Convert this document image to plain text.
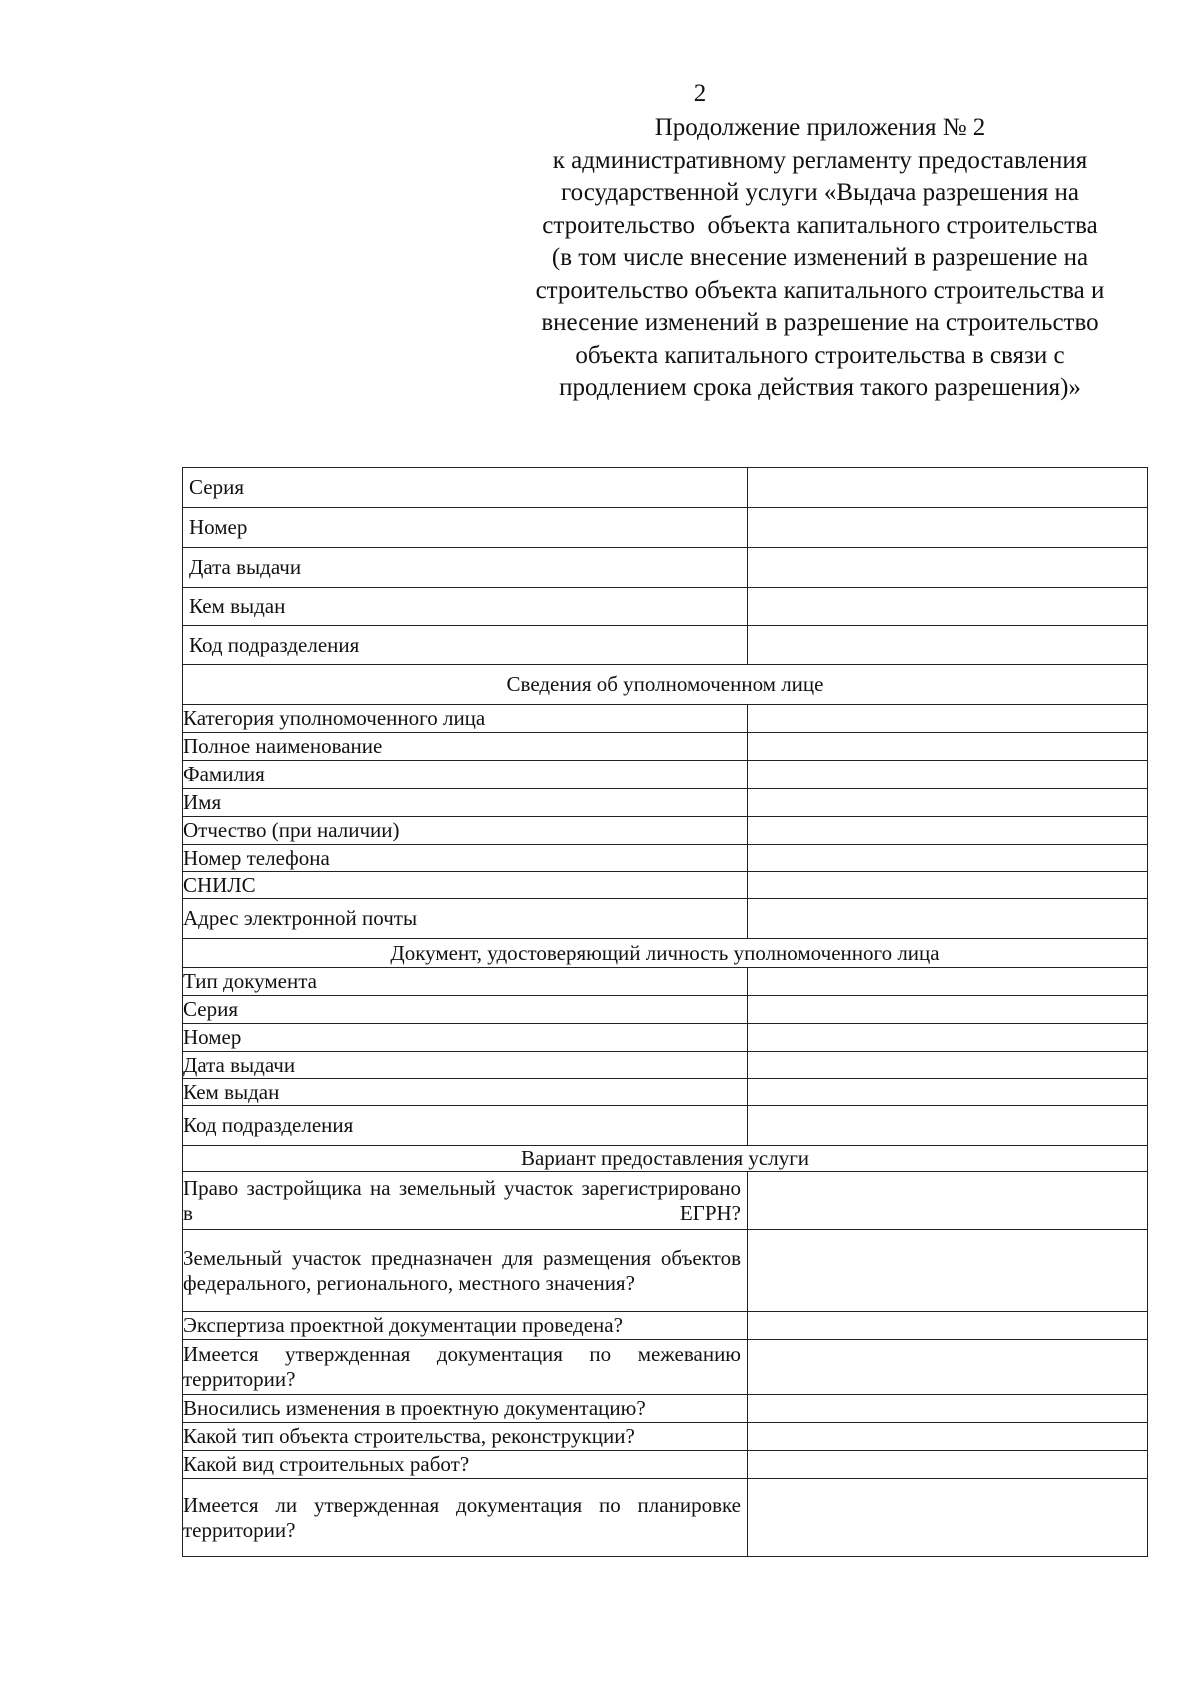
2
Продолжение приложения № 2
к административному регламенту предоставления
государственной услуги «Выдача разрешения на
строительство  объекта капитального строительства
(в том числе внесение изменений в разрешение на
строительство объекта капитального строительства и
внесение изменений в разрешение на строительство
объекта капитального строительства в связи с
продлением срока действия такого разрешения)»
Серия	
Номер	
Дата выдачи	
Кем выдан	
Код подразделения	
Сведения об уполномоченном лице	
Категория уполномоченного лица	
Полное наименование	
Фамилия	
Имя	
Отчество (при наличии)	
Номер телефона	
СНИЛС	
Адрес электронной почты	
Документ, удостоверяющий личность уполномоченного лица	
Тип документа	
Серия	
Номер	
Дата выдачи	
Кем выдан	
Код подразделения	
Вариант предоставления услуги	
Право застройщика на земельный участок зарегистрировано в ЕГРН?	
Земельный участок предназначен для размещения объектов федерального, регионального, местного значения?	
Экспертиза проектной документации проведена?	
Имеется утвержденная документация по межеванию территории?	
Вносились изменения в проектную документацию?	
Какой тип объекта строительства, реконструкции?	
Какой вид строительных работ?	
Имеется ли утвержденная документация по планировке территории?	
